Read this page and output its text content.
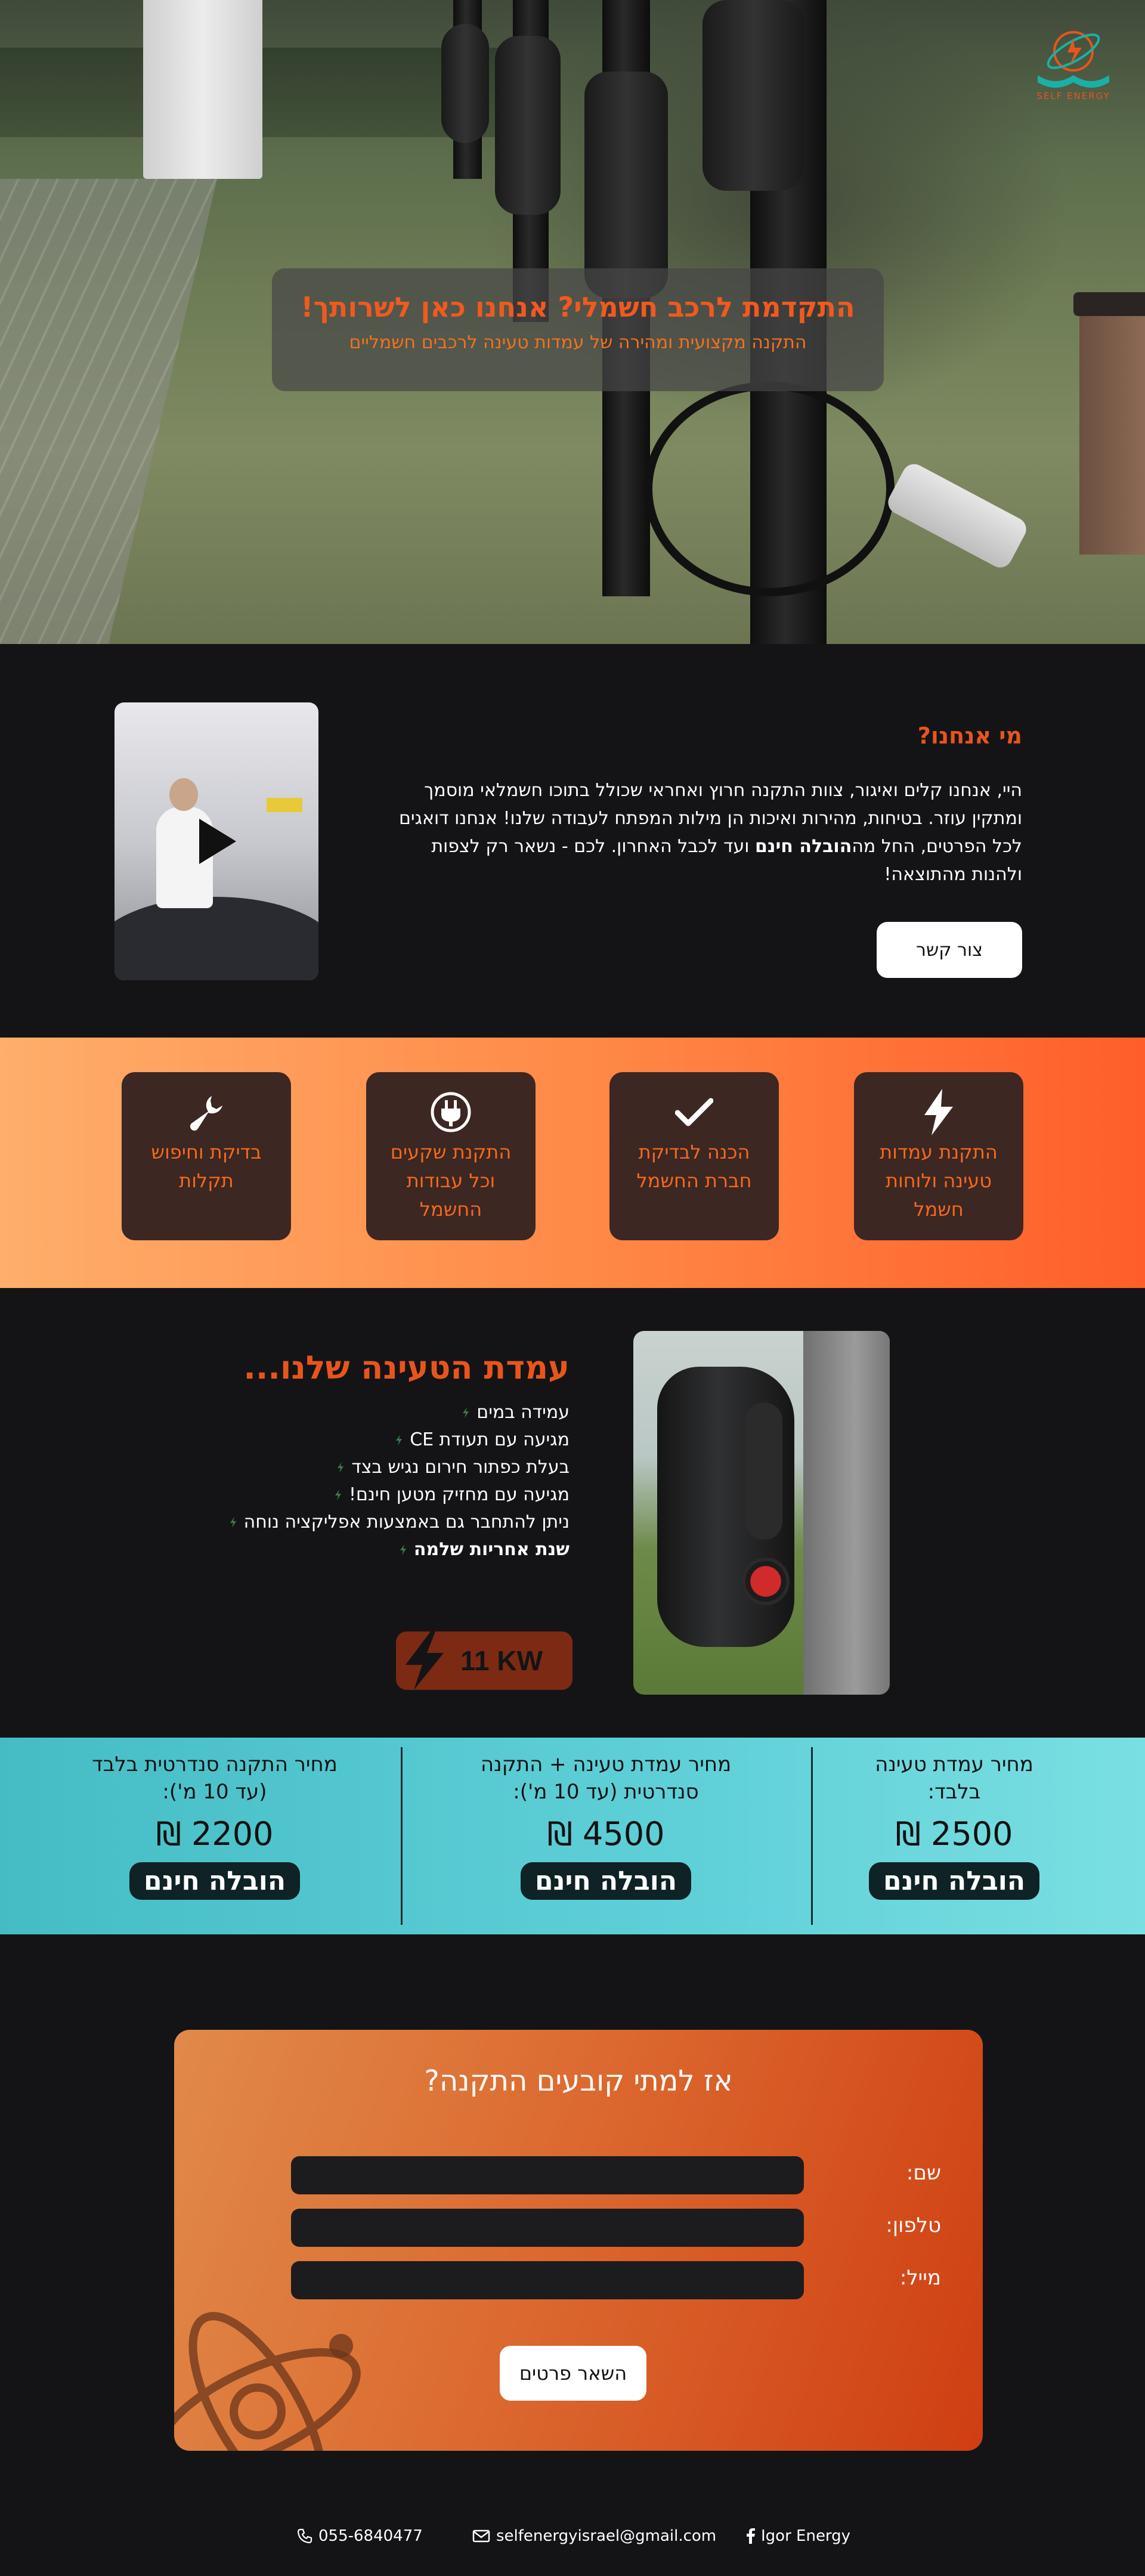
SELF ENERGY
התקדמת לרכב חשמלי? אנחנו כאן לשרותך!

התקנה מקצועית ומהירה של עמדות טעינה לרכבים חשמליים

מי אנחנו?

היי, אנחנו קלים ואיגור, צוות התקנה חרוץ ואחראי שכולל בתוכו חשמלאי מוסמך ומתקין עוזר. בטיחות, מהירות ואיכות הן מילות המפתח לעבודה שלנו! אנחנו דואגים לכל הפרטים, החל מההובלה חינם ועד לכבל האחרון. לכם - נשאר רק לצפות ולהנות מהתוצאה!

צור קשר
התקנת עמדות טעינה ולוחות חשמל
הכנה לבדיקת חברת החשמל
התקנת שקעים וכל עבודות החשמל
בדיקת וחיפוש תקלות
עמדת הטעינה שלנו...
עמידה במים
מגיעה עם תעודת CE
בעלת כפתור חירום נגיש בצד
מגיעה עם מחזיק מטען חינם!
ניתן להתחבר גם באמצעות אפליקציה נוחה
שנת אחריות שלמה
11 KW
מחיר עמדת טעינה
בלבד:
2500 ₪
הובלה חינם
מחיר עמדת טעינה + התקנה
סנדרטית (עד 10 מ'):
4500 ₪
הובלה חינם
מחיר התקנה סנדרטית בלבד
(עד 10 מ'):
2200 ₪
הובלה חינם
אז למתי קובעים התקנה?
שם:
טלפון:
מייל:
השאר פרטים
Igor Energy
selfenergyisrael@gmail.com
055-6840477
